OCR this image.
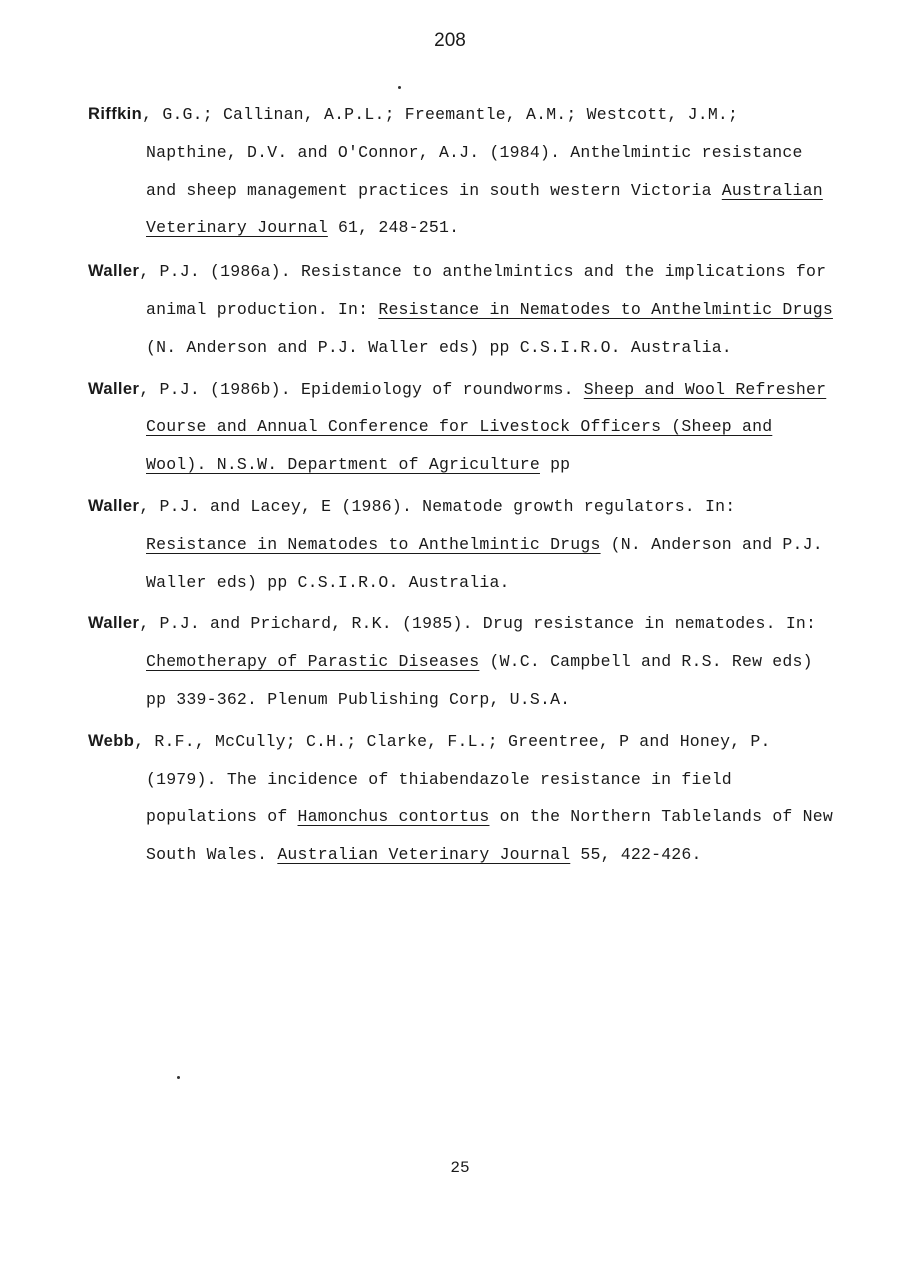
208

Riffkin, G.G.; Callinan, A.P.L.; Freemantle, A.M.; Westcott, J.M.; Napthine, D.V. and O'Connor, A.J. (1984). Anthelmintic resistance and sheep management practices in south western Victoria Australian Veterinary Journal 61, 248-251.

Waller, P.J. (1986a). Resistance to anthelmintics and the implications for animal production. In: Resistance in Nematodes to Anthelmintic Drugs (N. Anderson and P.J. Waller eds) pp C.S.I.R.O. Australia.

Waller, P.J. (1986b). Epidemiology of roundworms. Sheep and Wool Refresher Course and Annual Conference for Livestock Officers (Sheep and Wool). N.S.W. Department of Agriculture pp

Waller, P.J. and Lacey, E (1986). Nematode growth regulators. In: Resistance in Nematodes to Anthelmintic Drugs (N. Anderson and P.J. Waller eds) pp C.S.I.R.O. Australia.

Waller, P.J. and Prichard, R.K. (1985). Drug resistance in nematodes. In: Chemotherapy of Parastic Diseases (W.C. Campbell and R.S. Rew eds) pp 339-362. Plenum Publishing Corp, U.S.A.

Webb, R.F., McCully; C.H.; Clarke, F.L.; Greentree, P and Honey, P. (1979). The incidence of thiabendazole resistance in field populations of Hamonchus contortus on the Northern Tablelands of New South Wales. Australian Veterinary Journal 55, 422-426.

25
